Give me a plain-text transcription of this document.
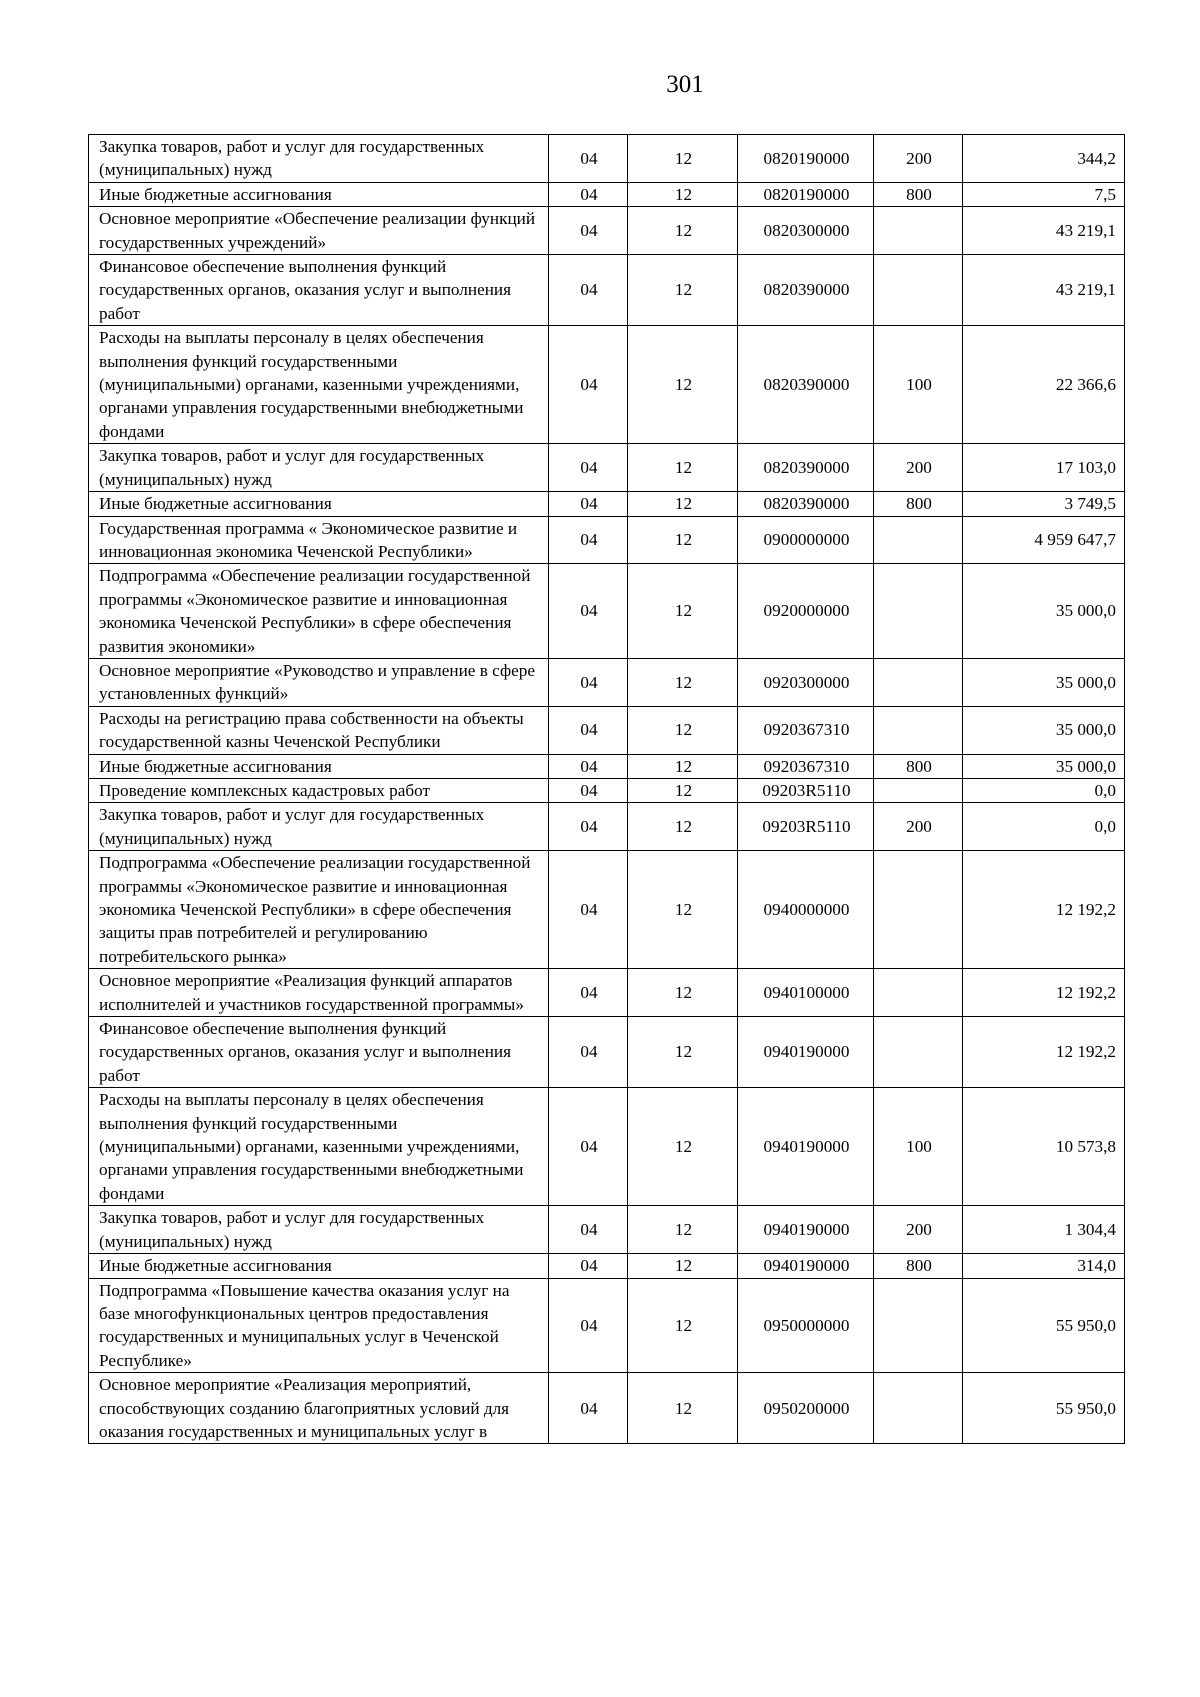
301
Закупка товаров, работ и услуг для государственных (муниципальных) нужд	04	12	0820190000	200	344,2
Иные бюджетные ассигнования	04	12	0820190000	800	7,5
Основное мероприятие «Обеспечение реализации функций государственных учреждений»	04	12	0820300000		43 219,1
Финансовое обеспечение выполнения функций государственных органов, оказания услуг и выполнения работ	04	12	0820390000		43 219,1
Расходы на выплаты персоналу в целях обеспечения выполнения функций государственными (муниципальными) органами, казенными учреждениями, органами управления государственными внебюджетными фондами	04	12	0820390000	100	22 366,6
Закупка товаров, работ и услуг для государственных (муниципальных) нужд	04	12	0820390000	200	17 103,0
Иные бюджетные ассигнования	04	12	0820390000	800	3 749,5
Государственная программа « Экономическое развитие и инновационная экономика Чеченской Республики»	04	12	0900000000		4 959 647,7
Подпрограмма «Обеспечение реализации государственной программы «Экономическое развитие и инновационная экономика Чеченской Республики» в сфере обеспечения развития экономики»	04	12	0920000000		35 000,0
Основное мероприятие «Руководство и управление в сфере установленных функций»	04	12	0920300000		35 000,0
Расходы на регистрацию права собственности на объекты государственной казны Чеченской Республики	04	12	0920367310		35 000,0
Иные бюджетные ассигнования	04	12	0920367310	800	35 000,0
Проведение комплексных кадастровых работ	04	12	09203R5110		0,0
Закупка товаров, работ и услуг для государственных (муниципальных) нужд	04	12	09203R5110	200	0,0
Подпрограмма «Обеспечение реализации государственной программы «Экономическое развитие и инновационная экономика Чеченской Республики» в сфере обеспечения защиты прав потребителей и регулированию потребительского рынка»	04	12	0940000000		12 192,2
Основное мероприятие «Реализация функций аппаратов исполнителей и участников государственной программы»	04	12	0940100000		12 192,2
Финансовое обеспечение выполнения функций государственных органов, оказания услуг и выполнения работ	04	12	0940190000		12 192,2
Расходы на выплаты персоналу в целях обеспечения выполнения функций государственными (муниципальными) органами, казенными учреждениями, органами управления государственными внебюджетными фондами	04	12	0940190000	100	10 573,8
Закупка товаров, работ и услуг для государственных (муниципальных) нужд	04	12	0940190000	200	1 304,4
Иные бюджетные ассигнования	04	12	0940190000	800	314,0
Подпрограмма «Повышение качества оказания услуг на базе многофункциональных центров предоставления государственных и муниципальных услуг в Чеченской Республике»	04	12	0950000000		55 950,0
Основное мероприятие «Реализация мероприятий, способствующих созданию благоприятных условий для оказания государственных и муниципальных услуг в	04	12	0950200000		55 950,0
